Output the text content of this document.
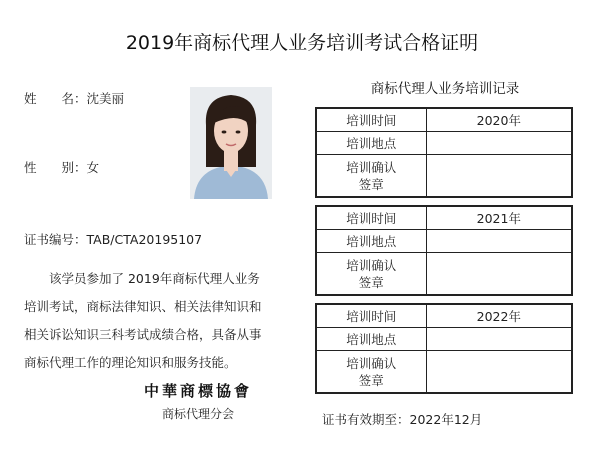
2019年商标代理人业务培训考试合格证明
姓　　名：沈美丽
性　　别：女
证书编号：TAB/CTA20195107
　　该学员参加了 2019年商标代理人业务
培训考试，商标法律知识、相关法律知识和
相关诉讼知识三科考试成绩合格，具备从事
商标代理工作的理论知识和服务技能。
中華商標協會
商标代理分会
商标代理人业务培训记录
培训时间	2020年
培训地点	
培训确认
签章	
培训时间	2021年
培训地点	
培训确认
签章	
培训时间	2022年
培训地点	
培训确认
签章	
证书有效期至：2022年12月
